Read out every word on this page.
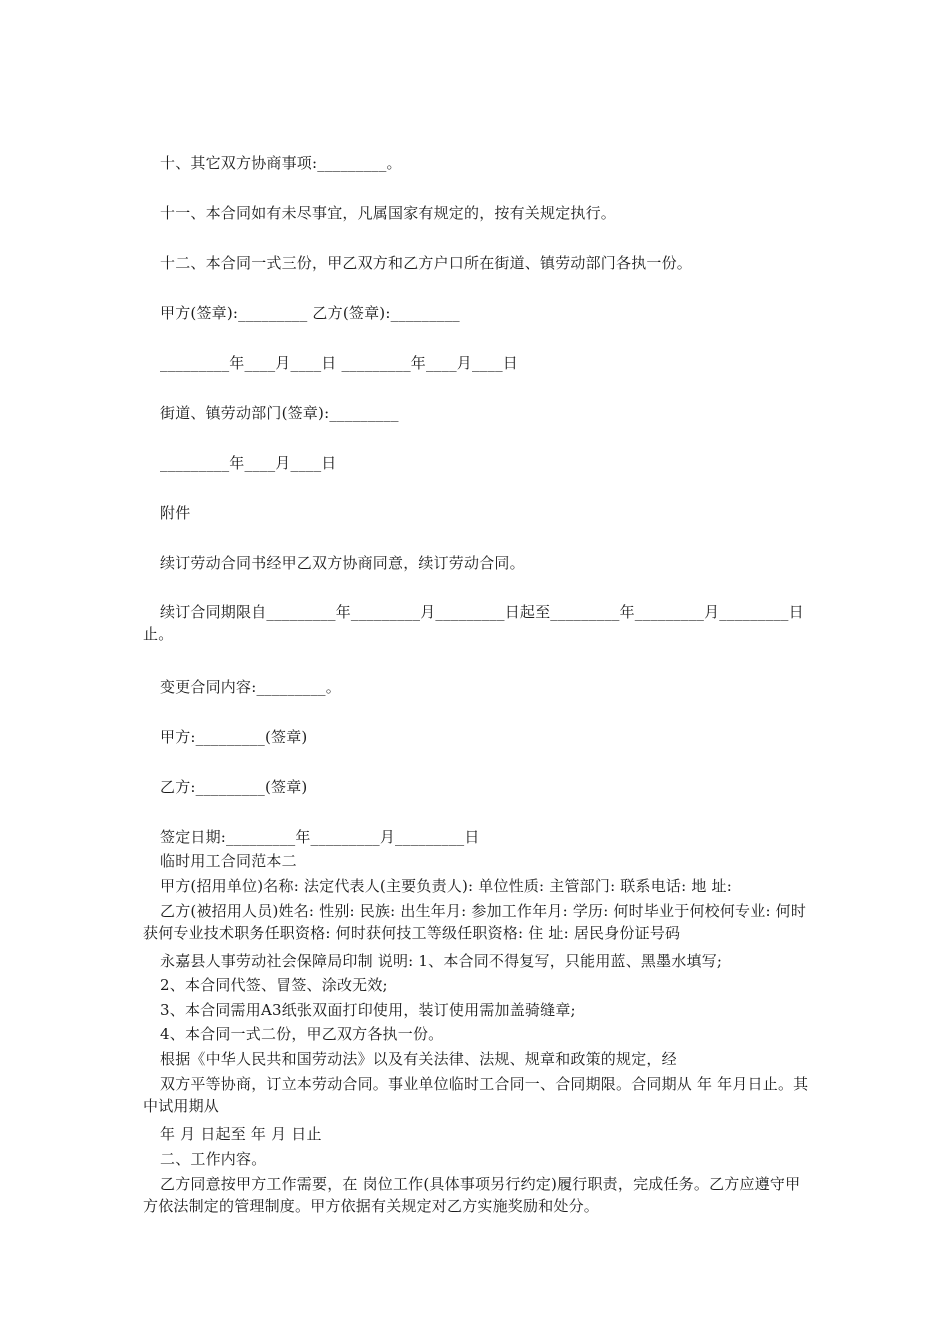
十、其它双方协商事项:_________。
十一、本合同如有未尽事宜，凡属国家有规定的，按有关规定执行。
十二、本合同一式三份，甲乙双方和乙方户口所在街道、镇劳动部门各执一份。
甲方(签章):_________ 乙方(签章):_________
_________年____月____日 _________年____月____日
街道、镇劳动部门(签章):_________
_________年____月____日
附件
续订劳动合同书经甲乙双方协商同意，续订劳动合同。
续订合同期限自_________年_________月_________日起至_________年_________月_________日止。
变更合同内容:_________。
甲方:_________(签章)
乙方:_________(签章)
签定日期:_________年_________月_________日
临时用工合同范本二
甲方(招用单位)名称: 法定代表人(主要负责人): 单位性质: 主管部门: 联系电话: 地 址:
乙方(被招用人员)姓名: 性别: 民族: 出生年月: 参加工作年月: 学历: 何时毕业于何校何专业: 何时获何专业技术职务任职资格: 何时获何技工等级任职资格: 住 址: 居民身份证号码
永嘉县人事劳动社会保障局印制 说明: 1、本合同不得复写，只能用蓝、黑墨水填写;
2、本合同代签、冒签、涂改无效;
3、本合同需用A3纸张双面打印使用，装订使用需加盖骑缝章;
4、本合同一式二份，甲乙双方各执一份。
根据《中华人民共和国劳动法》以及有关法律、法规、规章和政策的规定，经
双方平等协商，订立本劳动合同。事业单位临时工合同一、合同期限。合同期从 年 年月日止。其中试用期从
年 月 日起至 年 月 日止
二、工作内容。
乙方同意按甲方工作需要，在 岗位工作(具体事项另行约定)履行职责，完成任务。乙方应遵守甲方依法制定的管理制度。甲方依据有关规定对乙方实施奖励和处分。
